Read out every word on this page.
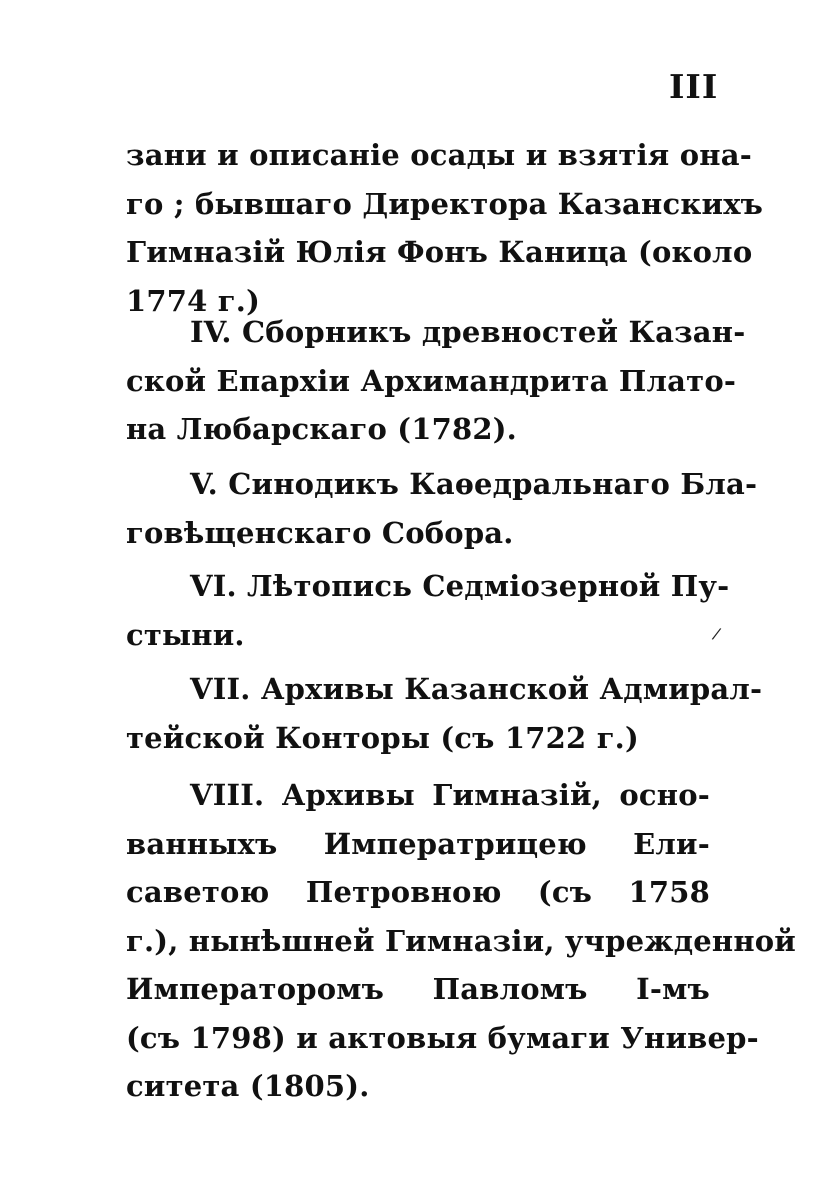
III
зани и описанiе осады и взятiя она-
го ; бывшаго Директора Казанскихъ
Гимназiй Юлiя Фонъ Каница (около
1774 г.)
IV. Сборникъ древностей Казан-
ской Епархiи Архимандрита Плато-
на Любарскаго (1782).
V. Синодикъ Каѳедральнаго Бла-
говѣщенскаго Собора.
VI. Лѣтопись Седмiозерной Пу-
стыни.
VII. Архивы Казанской Адмирал-
тейской Конторы (съ 1722 г.)
VIII. Архивы Гимназiй, осно-
ванныхъ Императрицею Ели-
саветою Петровною (съ 1758
г.), нынѣшней Гимназiи, учрежденной
Императоромъ Павломъ I-мъ
(съ 1798) и актовыя бумаги Универ-
ситета (1805).
/
